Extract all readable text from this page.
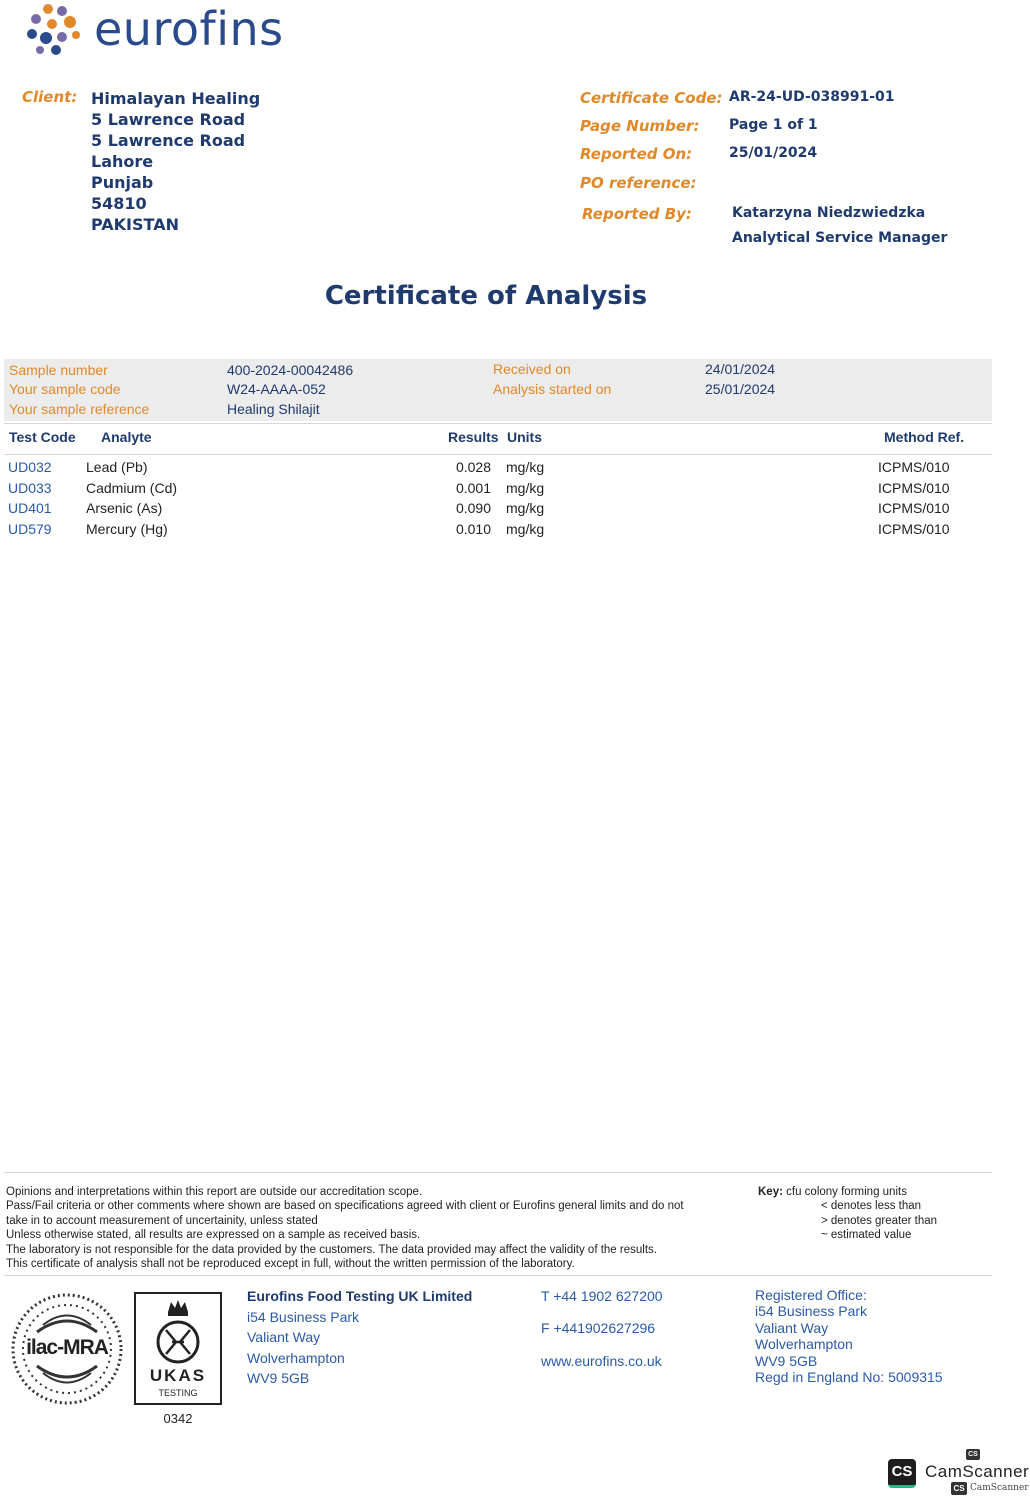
eurofins
Client: Himalayan Healing
5 Lawrence Road
5 Lawrence Road
Lahore
Punjab
54810
PAKISTAN
Certificate Code: AR-24-UD-038991-01
Page Number: Page 1 of 1
Reported On:	25/01/2024
PO reference:
Reported By:	Katarzyna Niedzwiedzka
Analytical Service Manager
Certificate of Analysis
Sample number	400-2024-00042486
Your sample code	W24-AAAA-052
Your sample reference	Healing Shilajit
Received on	24/01/2024
Analysis started on	25/01/2024
Test Code Analyte	Results Units	Method Ref.
UD032 Lead (Pb)	0.028 mg/kg	ICPMS/010
UD033 Cadmium (Cd)	0.001 mg/kg	ICPMS/010
UD401 Arsenic (As)	0.090 mg/kg	ICPMS/010
UD579 Mercury (Hg)	0.010 mg/kg	ICPMS/010
Opinions and interpretations within this report are outside our accreditation scope.
Pass/Fail criteria or other comments where shown are based on specifications agreed with client or Eurofins general limits and do not
take in to account measurement of uncertainity, unless stated
Unless otherwise stated, all results are expressed on a sample as received basis.
The laboratory is not responsible for the data provided by the customers. The data provided may affect the validity of the results.
This certificate of analysis shall not be reproduced except in full, without the written permission of the laboratory.
Key: cfu colony forming units
< denotes less than
> denotes greater than
~ estimated value
ilac-MRA
UKAS
TESTING
0342
Eurofins Food Testing UK Limited
i54 Business Park
Valiant Way
Wolverhampton
WV9 5GB
T +44 1902 627200
F +441902627296
www.eurofins.co.uk
Registered Office:
i54 Business Park
Valiant Way
Wolverhampton
WV9 5GB
Regd in England No: 5009315
CS
CS CamScanner
CS CamScanner
